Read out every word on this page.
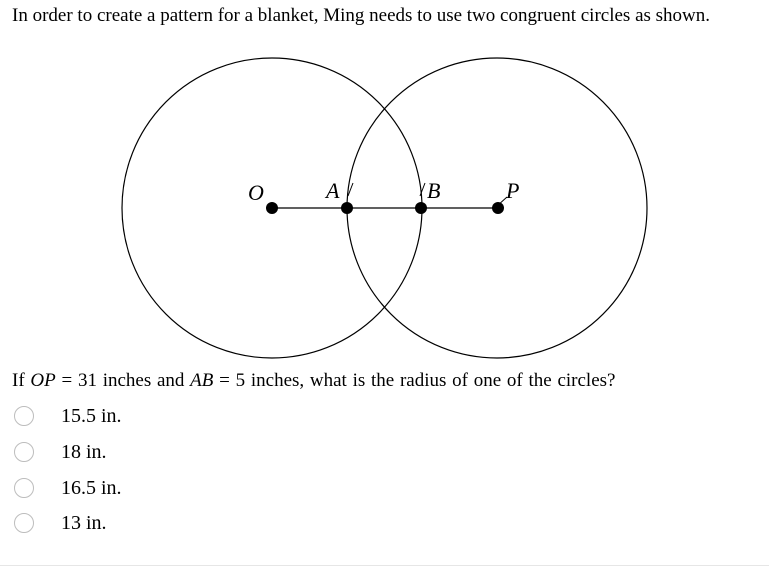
In order to create a pattern for a blanket, Ming needs to use two congruent circles as shown.
O	A	B	P
If OP = 31 inches and AB = 5 inches, what is the radius of one of the circles?
15.5 in.
18 in.
16.5 in.
13 in.
